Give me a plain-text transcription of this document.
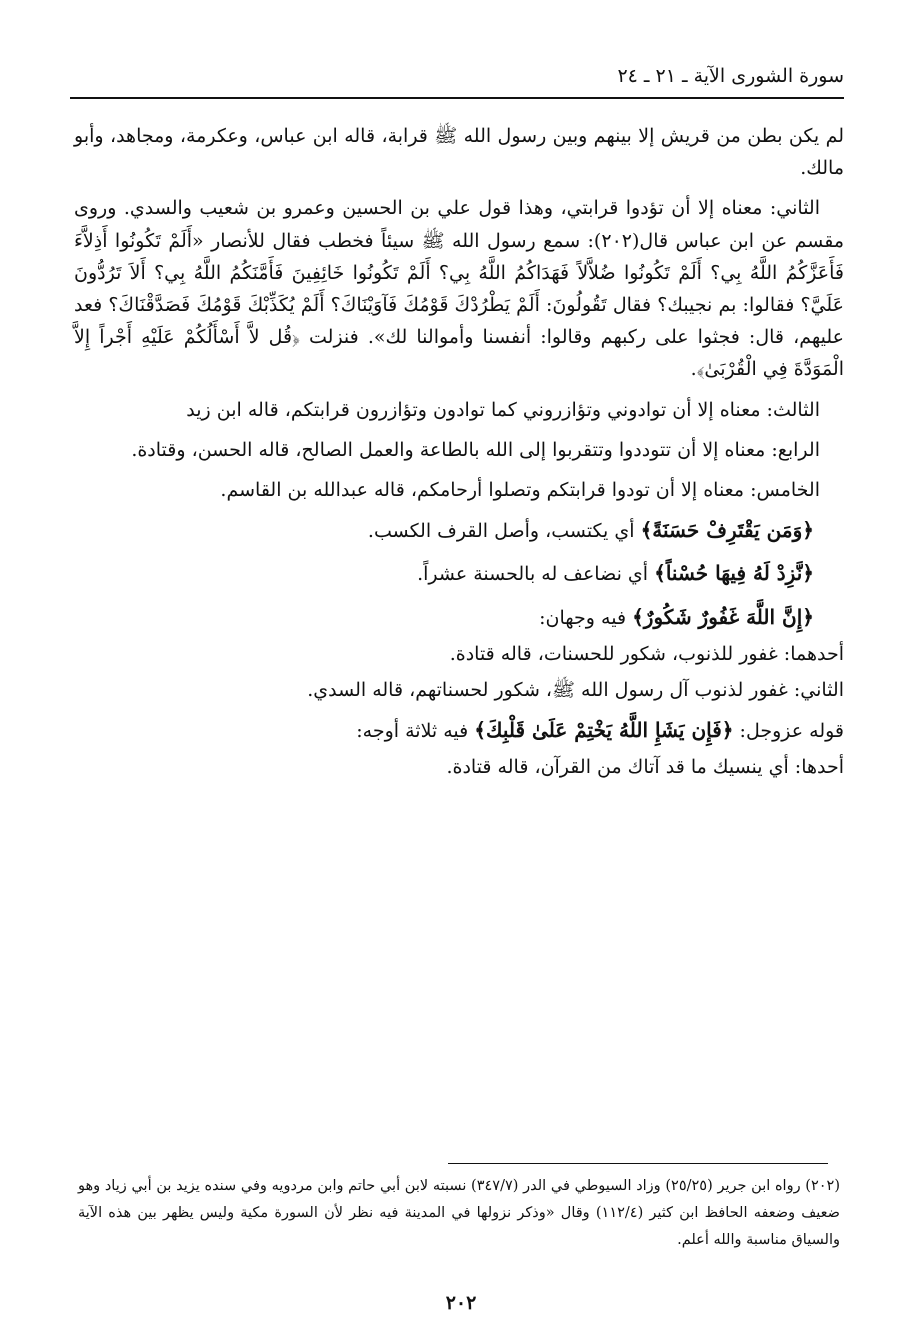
سورة الشورى الآية ـ ٢١ ـ ٢٤

لم يكن بطن من قريش إلا بينهم وبين رسول الله ﷺ قرابة، قاله ابن عباس، وعكرمة، ومجاهد، وأبو مالك.

الثاني: معناه إلا أن تؤدوا قرابتي، وهذا قول علي بن الحسين وعمرو بن شعيب والسدي. وروى مقسم عن ابن عباس قال(٢٠٢): سمع رسول الله ﷺ سيئاً فخطب فقال للأنصار «أَلَمْ تَكُونُوا أَذِلاَّءَ فَأَعَزَّكُمُ اللَّهُ بِي؟ أَلَمْ تَكُونُوا ضُلاَّلاً فَهَدَاكُمُ اللَّهُ بِي؟ أَلَمْ تَكُونُوا خَائِفِينَ فَأَمَّنَكُمُ اللَّهُ بِي؟ أَلاَ تَرُدُّونَ عَلَيَّ؟ فقالوا: بم نجيبك؟ فقال تَقُولُونَ: أَلَمْ يَطْرُدْكَ قَوْمُكَ فَآوَيْنَاكَ؟ أَلَمْ يُكَذِّبْكَ قَوْمُكَ فَصَدَّقْنَاكَ؟ فعد عليهم، قال: فجثوا على ركبهم وقالوا: أنفسنا وأموالنا لك». فنزلت ﴿قُل لاَّ أَسْأَلُكُمْ عَلَيْهِ أَجْراً إِلاَّ الْمَوَدَّةَ فِي الْقُرْبَىٰ﴾.

الثالث: معناه إلا أن توادوني وتؤازروني كما توادون وتؤازرون قرابتكم، قاله ابن زيد

الرابع: معناه إلا أن تتوددوا وتتقربوا إلى الله بالطاعة والعمل الصالح، قاله الحسن، وقتادة.

الخامس: معناه إلا أن تودوا قرابتكم وتصلوا أرحامكم، قاله عبدالله بن القاسم.

﴿وَمَن يَقْتَرِفْ حَسَنَةً﴾ أي يكتسب، وأصل القرف الكسب.

﴿نَّزِدْ لَهُ فِيهَا حُسْناً﴾ أي نضاعف له بالحسنة عشراً.

﴿إِنَّ اللَّهَ غَفُورٌ شَكُورٌ﴾ فيه وجهان:

أحدهما: غفور للذنوب، شكور للحسنات، قاله قتادة.

الثاني: غفور لذنوب آل رسول الله ﷺ، شكور لحسناتهم، قاله السدي.

قوله عزوجل: ﴿فَإِن يَشَإِ اللَّهُ يَخْتِمْ عَلَىٰ قَلْبِكَ﴾ فيه ثلاثة أوجه:

أحدها: أي ينسيك ما قد آتاك من القرآن، قاله قتادة.

(٢٠٢) رواه ابن جرير (٢٥/٢٥) وزاد السيوطي في الدر (٣٤٧/٧) نسبته لابن أبي حاتم وابن مردويه وفي سنده يزيد بن أبي زياد وهو ضعيف وضعفه الحافظ ابن كثير (١١٢/٤) وقال «وذكر نزولها في المدينة فيه نظر لأن السورة مكية وليس يظهر بين هذه الآية والسياق مناسبة والله أعلم.
٢٠٢
